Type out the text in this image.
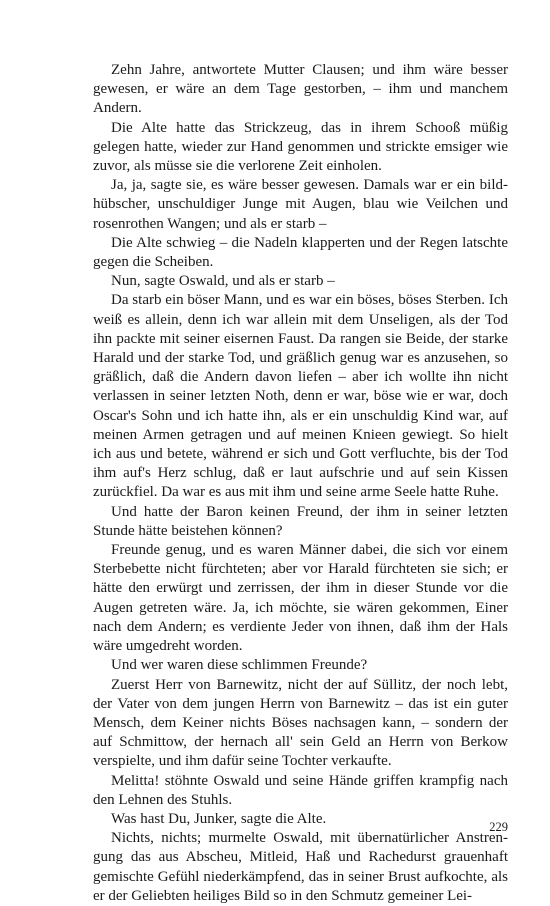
Zehn Jahre, antwortete Mutter Clausen; und ihm wäre besser gewesen, er wäre an dem Tage gestorben, – ihm und manchem Andern.

Die Alte hatte das Strickzeug, das in ihrem Schooß müßig gelegen hatte, wieder zur Hand genommen und strickte emsiger wie zuvor, als müsse sie die verlorene Zeit einholen.

Ja, ja, sagte sie, es wäre besser gewesen. Damals war er ein bildhübscher, unschuldiger Junge mit Augen, blau wie Veilchen und rosenrothen Wangen; und als er starb –

Die Alte schwieg – die Nadeln klapperten und der Regen latschte gegen die Scheiben.

Nun, sagte Oswald, und als er starb –

Da starb ein böser Mann, und es war ein böses, böses Sterben. Ich weiß es allein, denn ich war allein mit dem Unseligen, als der Tod ihn packte mit seiner eisernen Faust. Da rangen sie Beide, der starke Harald und der starke Tod, und gräßlich genug war es anzusehen, so gräßlich, daß die Andern davon liefen – aber ich wollte ihn nicht verlassen in seiner letzten Noth, denn er war, böse wie er war, doch Oscar's Sohn und ich hatte ihn, als er ein unschuldig Kind war, auf meinen Armen getragen und auf meinen Knieen gewiegt. So hielt ich aus und betete, während er sich und Gott verfluchte, bis der Tod ihm auf's Herz schlug, daß er laut aufschrie und auf sein Kissen zurückfiel. Da war es aus mit ihm und seine arme Seele hatte Ruhe.

Und hatte der Baron keinen Freund, der ihm in seiner letzten Stunde hätte beistehen können?

Freunde genug, und es waren Männer dabei, die sich vor einem Sterbebette nicht fürchteten; aber vor Harald fürchteten sie sich; er hätte den erwürgt und zerrissen, der ihm in dieser Stunde vor die Augen getreten wäre. Ja, ich möchte, sie wären gekommen, Einer nach dem Andern; es verdiente Jeder von ihnen, daß ihm der Hals wäre umgedreht worden.

Und wer waren diese schlimmen Freunde?

Zuerst Herr von Barnewitz, nicht der auf Süllitz, der noch lebt, der Vater von dem jungen Herrn von Barnewitz – das ist ein guter Mensch, dem Keiner nichts Böses nachsagen kann, – sondern der auf Schmittow, der hernach all' sein Geld an Herrn von Berkow verspielte, und ihm dafür seine Tochter verkaufte.

Melitta! stöhnte Oswald und seine Hände griffen krampfig nach den Lehnen des Stuhls.

Was hast Du, Junker, sagte die Alte.

Nichts, nichts; murmelte Oswald, mit übernatürlicher Anstrengung das aus Abscheu, Mitleid, Haß und Rachedurst grauenhaft gemischte Gefühl niederkämpfend, das in seiner Brust aufkochte, als er der Geliebten heiliges Bild so in den Schmutz gemeiner Lei-

229
